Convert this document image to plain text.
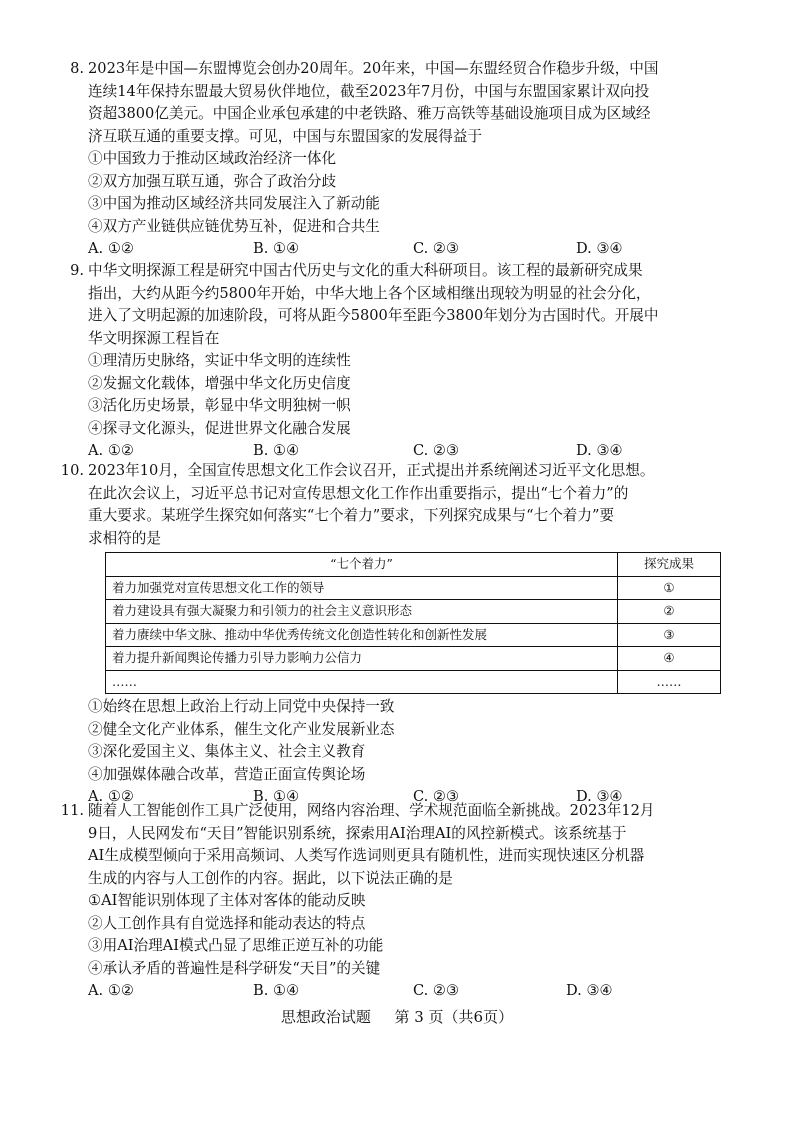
8. 2023年是中国—东盟博览会创办20周年。20年来，中国—东盟经贸合作稳步升级，中国
连续14年保持东盟最大贸易伙伴地位，截至2023年7月份，中国与东盟国家累计双向投
资超3800亿美元。中国企业承包承建的中老铁路、雅万高铁等基础设施项目成为区域经
济互联互通的重要支撑。可见，中国与东盟国家的发展得益于
①中国致力于推动区域政治经济一体化
②双方加强互联互通，弥合了政治分歧
③中国为推动区域经济共同发展注入了新动能
④双方产业链供应链优势互补，促进和合共生
A. ①②	B. ①④	C. ②③	D. ③④
9. 中华文明探源工程是研究中国古代历史与文化的重大科研项目。该工程的最新研究成果
指出，大约从距今约5800年开始，中华大地上各个区域相继出现较为明显的社会分化，
进入了文明起源的加速阶段，可将从距今5800年至距今3800年划分为古国时代。开展中
华文明探源工程旨在
①理清历史脉络，实证中华文明的连续性
②发掘文化载体，增强中华文化历史信度
③活化历史场景，彰显中华文明独树一帜
④探寻文化源头，促进世界文化融合发展
A. ①②	B. ①④	C. ②③	D. ③④
10. 2023年10月，全国宣传思想文化工作会议召开，正式提出并系统阐述习近平文化思想。
在此次会议上，习近平总书记对宣传思想文化工作作出重要指示，提出“七个着力”的
重大要求。某班学生探究如何落实“七个着力”要求，下列探究成果与“七个着力”要
求相符的是
“七个着力”	探究成果
着力加强党对宣传思想文化工作的领导	①
着力建设具有强大凝聚力和引领力的社会主义意识形态	②
着力赓续中华文脉、推动中华优秀传统文化创造性转化和创新性发展	③
着力提升新闻舆论传播力引导力影响力公信力	④
……	……
①始终在思想上政治上行动上同党中央保持一致
②健全文化产业体系，催生文化产业发展新业态
③深化爱国主义、集体主义、社会主义教育
④加强媒体融合改革，营造正面宣传舆论场
A. ①②	B. ①④	C. ②③	D. ③④
11. 随着人工智能创作工具广泛使用，网络内容治理、学术规范面临全新挑战。2023年12月
9日，人民网发布“天目”智能识别系统，探索用AI治理AI的风控新模式。该系统基于
AI生成模型倾向于采用高频词、人类写作选词则更具有随机性，进而实现快速区分机器
生成的内容与人工创作的内容。据此，以下说法正确的是
①AI智能识别体现了主体对客体的能动反映
②人工创作具有自觉选择和能动表达的特点
③用AI治理AI模式凸显了思维正逆互补的功能
④承认矛盾的普遍性是科学研发“天目”的关键
A. ①②	B. ①④	C. ②③	D. ③④
思想政治试题 第 3 页（共6页）
